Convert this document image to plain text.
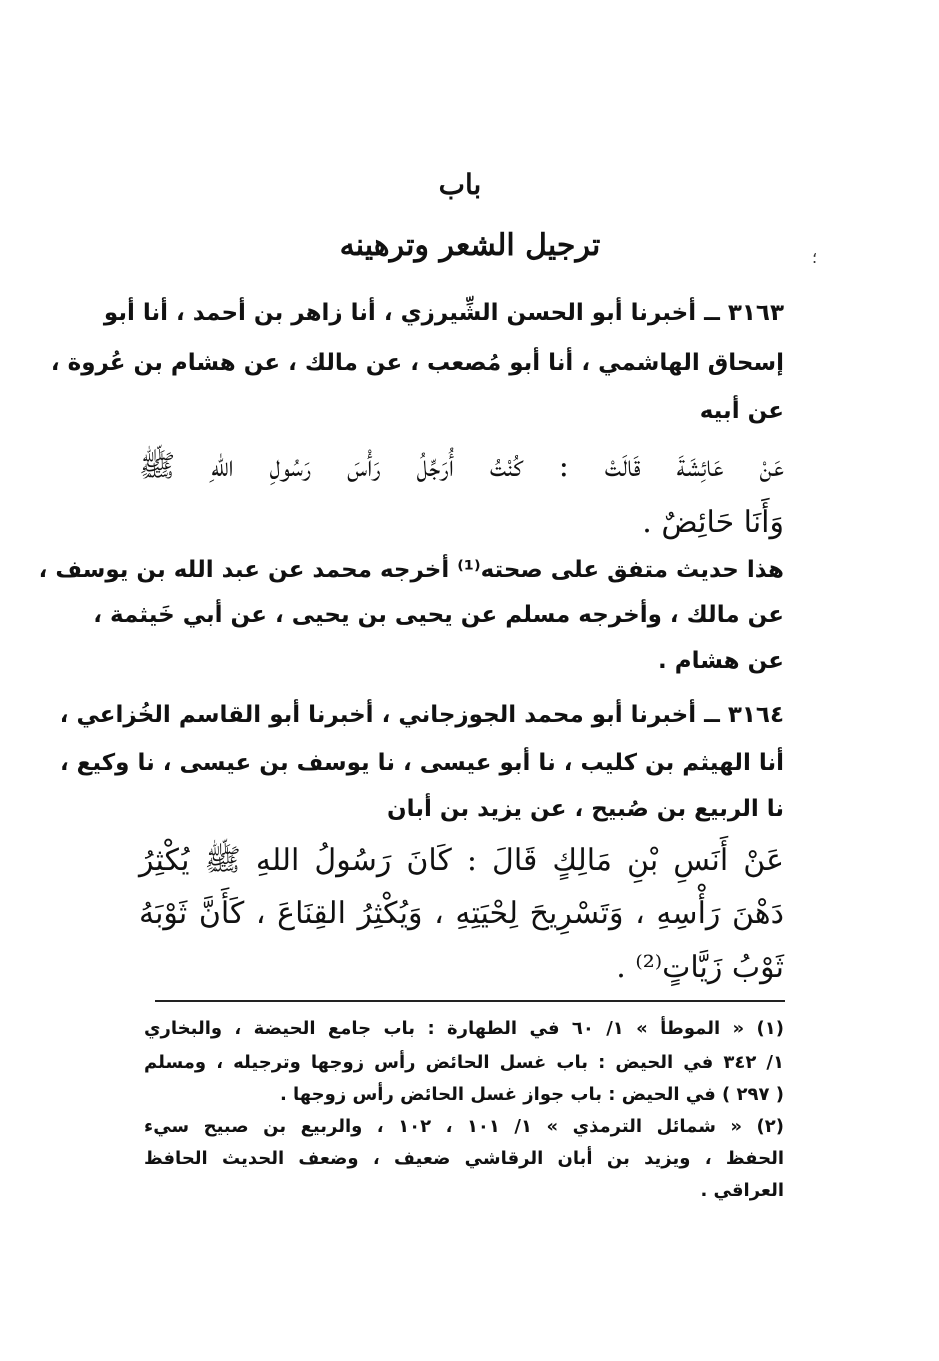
باب
ترجيل الشعر وترهينه	؛
٣١٦٣ ــ أخبرنا أبو الحسن الشِّيرزي ، أنا زاهر بن أحمد ، أنا أبو
إسحاق الهاشمي ، أنا أبو مُصعب ، عن مالك ، عن هشام بن عُروة ،
عن أبيه
عَنْ عَائِشَةَ قَالَتْ : كُنْتُ أُرَجِّلُ رَأْسَ رَسُولِ اللهِ ﷺ
وَأَنَا حَائِضٌ .
هذا حديث متفق على صحته⁽¹⁾ أخرجه محمد عن عبد الله بن يوسف ،
عن مالك ، وأخرجه مسلم عن يحيى بن يحيى ، عن أبي خَيثمة ،
عن هشام .
٣١٦٤ ــ أخبرنا أبو محمد الجوزجاني ، أخبرنا أبو القاسم الخُزاعي ،
أنا الهيثم بن كليب ، نا أبو عيسى ، نا يوسف بن عيسى ، نا وكيع ،
نا الربيع بن صُبيح ، عن يزيد بن أبان
عَنْ أَنَسِ بْنِ مَالِكٍ قَالَ : كَانَ رَسُولُ اللهِ ﷺ يُكْثِرُ
دَهْنَ رَأْسِهِ ، وَتَسْرِيحَ لِحْيَتِهِ ، وَيُكْثِرُ القِنَاعَ ، كَأَنَّ ثَوْبَهُ
ثَوْبُ زَيَّاتٍ⁽²⁾ .
(١) « الموطأ » ١/ ٦٠ في الطهارة : باب جامع الحيضة ، والبخاري
١/ ٣٤٢ في الحيض : باب غسل الحائض رأس زوجها وترجيله ، ومسلم
( ٢٩٧ ) في الحيض : باب جواز غسل الحائض رأس زوجها .
(٢) « شمائل الترمذي » ١/ ١٠١ ، ١٠٢ ، والربيع بن صبيح سيء
الحفظ ، ويزيد بن أبان الرقاشي ضعيف ، وضعف الحديث الحافظ
العراقي .
